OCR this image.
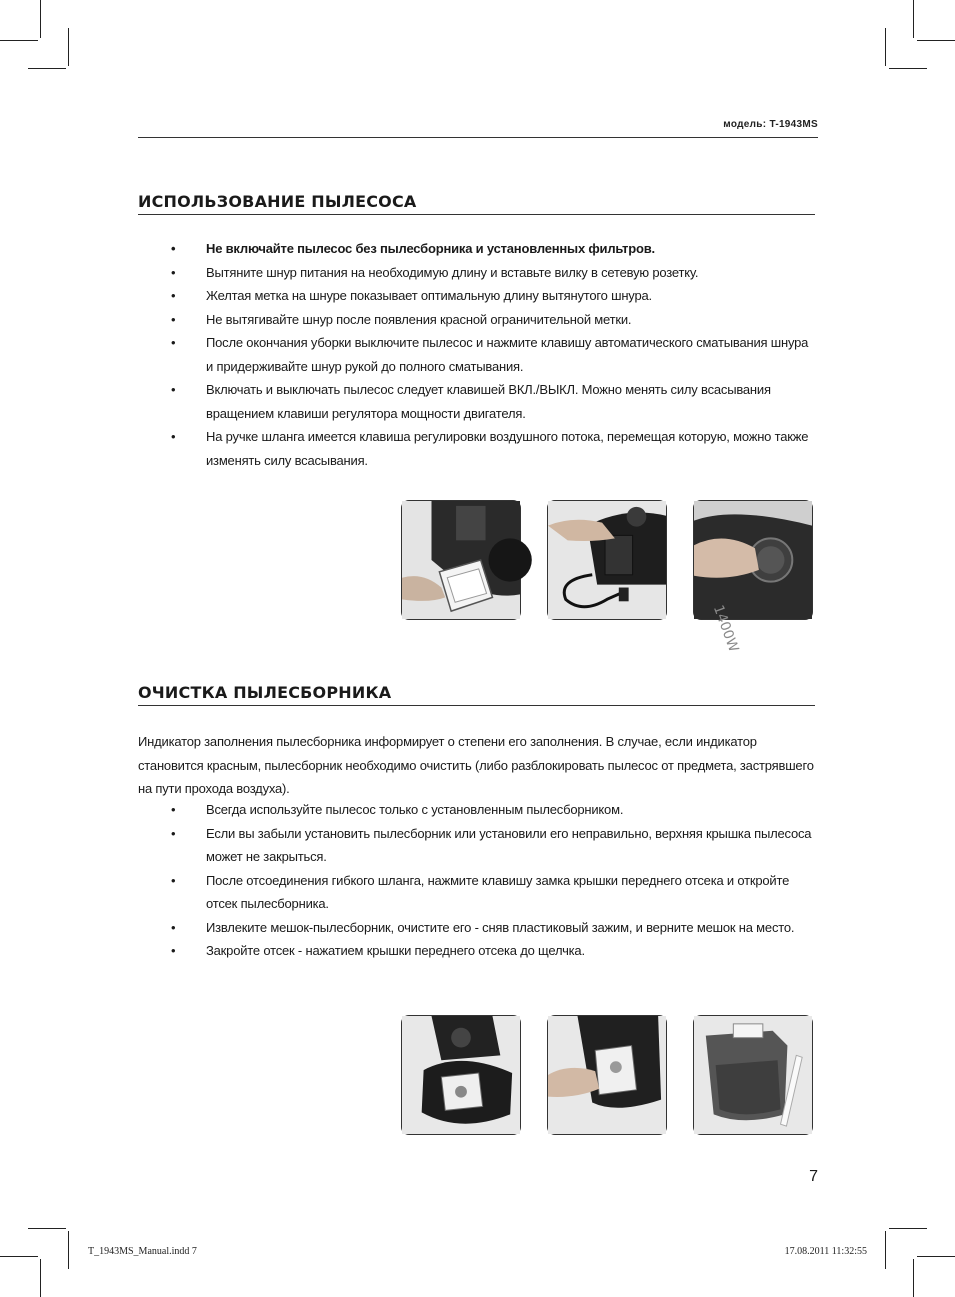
модель: T-1943MS
ИСПОЛЬЗОВАНИЕ ПЫЛЕСОСА
• Не включайте пылесос без пылесборника и установленных фильтров.
• Вытяните шнур питания на необходимую длину и вставьте вилку в сетевую розетку.
• Желтая метка на шнуре показывает оптимальную длину вытянутого шнура.
• Не вытягивайте шнур после появления красной ограничительной метки.
• После окончания уборки выключите пылесос и нажмите клавишу автоматического сматывания шнура и придерживайте шнур рукой до полного сматывания.
• Включать и выключать пылесос следует клавишей ВКЛ./ВЫКЛ. Можно менять силу всасывания вращением клавиши регулятора мощности двигателя.
• На ручке шланга имеется клавиша регулировки воздушного потока, перемещая которую, можно также изменять силу всасывания.
1400W
ОЧИСТКА ПЫЛЕСБОРНИКА
Индикатор заполнения пылесборника информирует о степени его заполнения. В случае, если индикатор становится красным, пылесборник необходимо очистить (либо разблокировать пылесос от предмета, застрявшего на пути прохода воздуха).
• Всегда используйте пылесос только с установленным пылесборником.
• Если вы забыли установить пылесборник или установили его неправильно, верхняя крышка пылесоса может не закрыться.
• После отсоединения гибкого шланга, нажмите клавишу замка крышки переднего отсека и откройте отсек пылесборника.
• Извлеките мешок-пылесборник, очистите его - сняв пластиковый зажим, и верните мешок на место.
• Закройте отсек - нажатием крышки переднего отсека до щелчка.
7
T_1943MS_Manual.indd 7	17.08.2011 11:32:55
